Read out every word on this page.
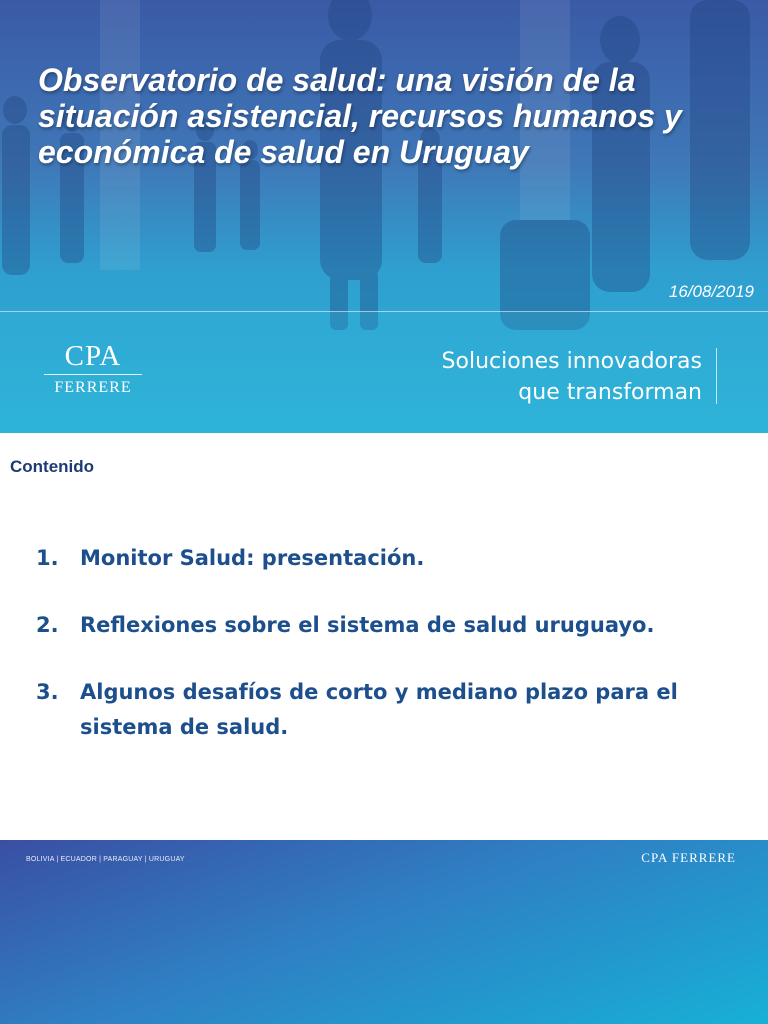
Observatorio de salud: una visión de la situación asistencial, recursos humanos y económica de salud en Uruguay
16/08/2019
CPA
FERRERE
Soluciones innovadoras
que transforman
Contenido
1.	Monitor Salud: presentación.
2.	Reflexiones sobre el sistema de salud uruguayo.
3.	Algunos desafíos de corto y mediano plazo para el sistema de salud.
BOLIVIA | ECUADOR | PARAGUAY | URUGUAY	CPA FERRERE
